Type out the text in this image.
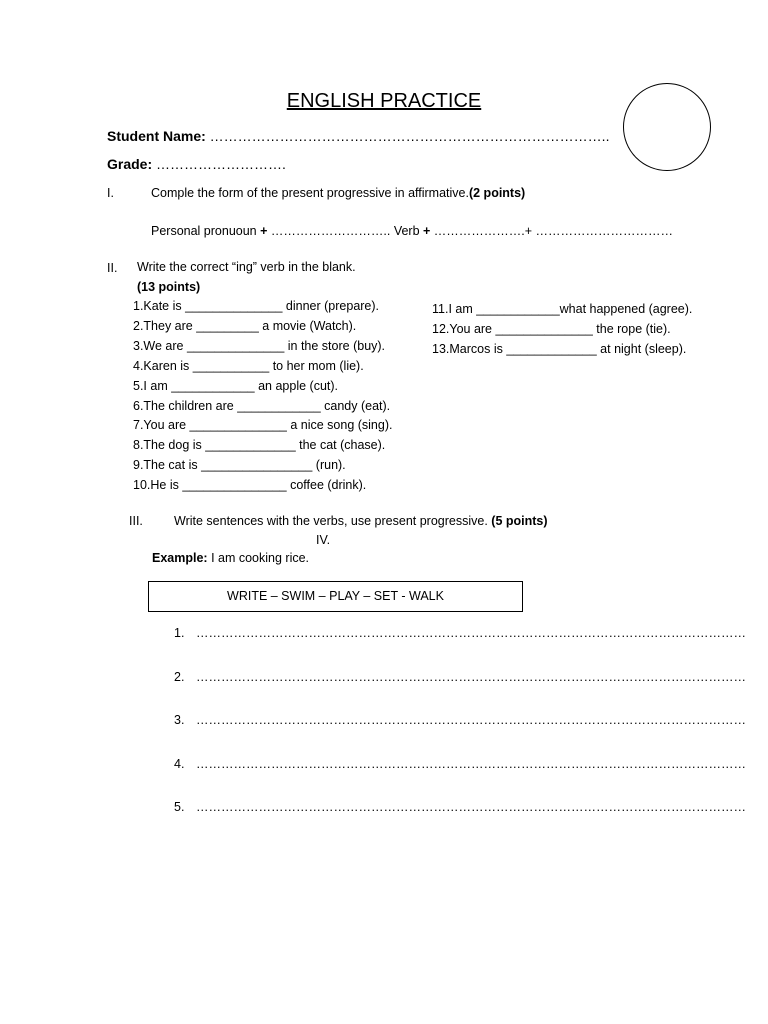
ENGLISH PRACTICE
Student Name: …………………………………………………………………………..
Grade: ……………………….
I.	Comple the form of the present progressive in affirmative.(2 points)
Personal pronuoun + ……………………….. Verb + ………………….+ ……………………………
II. Write the correct “ing” verb in the blank.
(13 points)
1.Kate is ______________ dinner (prepare).
2.They are _________ a movie (Watch).
3.We are ______________ in the store (buy).
4.Karen is ___________ to her mom (lie).
5.I am ____________ an apple (cut).
6.The children are ____________ candy (eat).
7.You are ______________ a nice song (sing).
8.The dog is _____________ the cat (chase).
9.The cat is ________________ (run).
10.He is _______________ coffee (drink).
11.I am ____________what happened (agree).
12.You are ______________ the rope (tie).
13.Marcos is _____________ at night (sleep).
III. Write sentences with the verbs, use present progressive. (5 points)
IV.
Example: I am cooking rice.
WRITE – SWIM – PLAY – SET - WALK
1. ……………………………………………………………………………………………………………………
2. ……………………………………………………………………………………………………………………
3. ……………………………………………………………………………………………………………………
4. ……………………………………………………………………………………………………………………
5. ……………………………………………………………………………………………………………………
